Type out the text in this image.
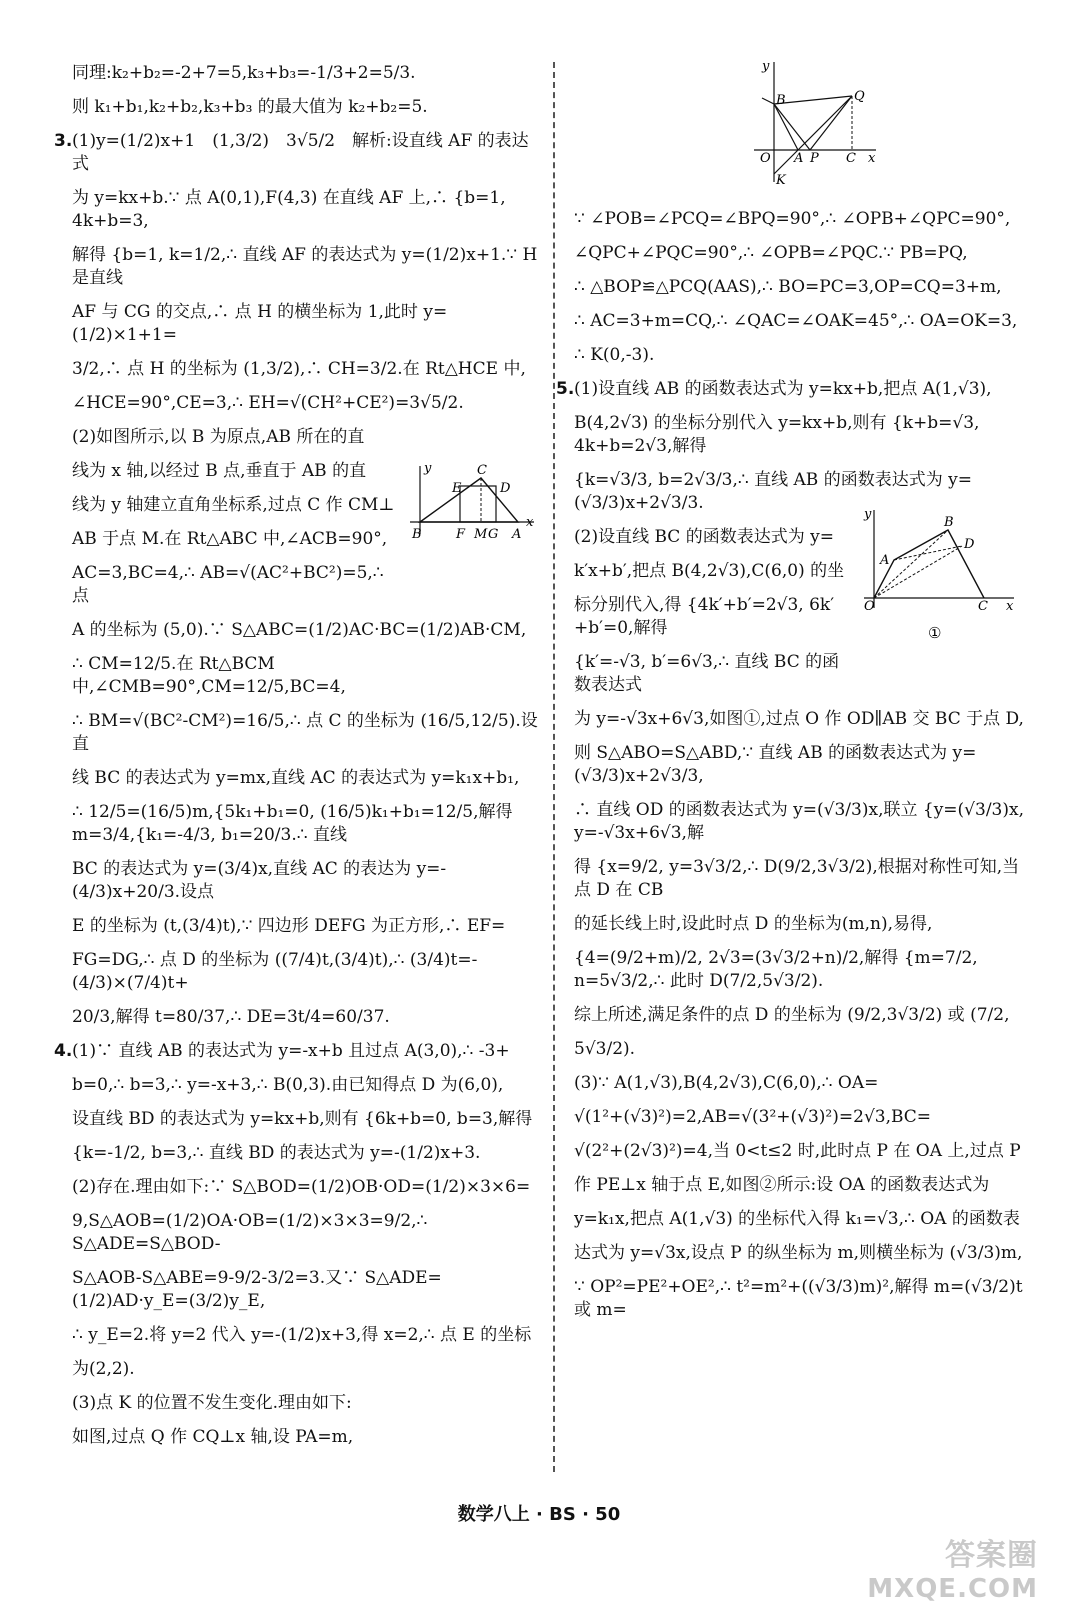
同理:k₂+b₂=-2+7=5,k₃+b₃=-1/3+2=5/3.
则 k₁+b₁,k₂+b₂,k₃+b₃ 的最大值为 k₂+b₂=5.
3. (1)y=(1/2)x+1　(1,3/2)　3√5/2　解析:设直线 AF 的表达式
为 y=kx+b.∵ 点 A(0,1),F(4,3) 在直线 AF 上,∴ {b=1, 4k+b=3,
解得 {b=1, k=1/2,∴ 直线 AF 的表达式为 y=(1/2)x+1.∵ H 是直线
AF 与 CG 的交点,∴ 点 H 的横坐标为 1,此时 y=(1/2)×1+1=
3/2,∴ 点 H 的坐标为 (1,3/2),∴ CH=3/2.在 Rt△HCE 中,
∠HCE=90°,CE=3,∴ EH=√(CH²+CE²)=3√5/2.
(2)如图所示,以 B 为原点,AB 所在的直
线为 x 轴,以经过 B 点,垂直于 AB 的直
线为 y 轴建立直角坐标系,过点 C 作 CM⊥
AB 于点 M.在 Rt△ABC 中,∠ACB=90°,
AC=3,BC=4,∴ AB=√(AC²+BC²)=5,∴ 点
A 的坐标为 (5,0).∵ S△ABC=(1/2)AC·BC=(1/2)AB·CM,
∴ CM=12/5.在 Rt△BCM 中,∠CMB=90°,CM=12/5,BC=4,
∴ BM=√(BC²-CM²)=16/5,∴ 点 C 的坐标为 (16/5,12/5).设直
线 BC 的表达式为 y=mx,直线 AC 的表达式为 y=k₁x+b₁,
∴ 12/5=(16/5)m,{5k₁+b₁=0, (16/5)k₁+b₁=12/5,解得 m=3/4,{k₁=-4/3, b₁=20/3.∴ 直线
BC 的表达式为 y=(3/4)x,直线 AC 的表达为 y=-(4/3)x+20/3.设点
E 的坐标为 (t,(3/4)t),∵ 四边形 DEFG 为正方形,∴ EF=
FG=DG,∴ 点 D 的坐标为 ((7/4)t,(3/4)t),∴ (3/4)t=-(4/3)×(7/4)t+
20/3,解得 t=80/37,∴ DE=3t/4=60/37.
4. (1)∵ 直线 AB 的表达式为 y=-x+b 且过点 A(3,0),∴ -3+
b=0,∴ b=3,∴ y=-x+3,∴ B(0,3).由已知得点 D 为(6,0),
设直线 BD 的表达式为 y=kx+b,则有 {6k+b=0, b=3,解得
{k=-1/2, b=3,∴ 直线 BD 的表达式为 y=-(1/2)x+3.
(2)存在.理由如下:∵ S△BOD=(1/2)OB·OD=(1/2)×3×6=
9,S△AOB=(1/2)OA·OB=(1/2)×3×3=9/2,∴ S△ADE=S△BOD-
S△AOB-S△ABE=9-9/2-3/2=3.又∵ S△ADE=(1/2)AD·y_E=(3/2)y_E,
∴ y_E=2.将 y=2 代入 y=-(1/2)x+3,得 x=2,∴ 点 E 的坐标
为(2,2).
(3)点 K 的位置不发生变化.理由如下:
如图,过点 Q 作 CQ⊥x 轴,设 PA=m,
∵ ∠POB=∠PCQ=∠BPQ=90°,∴ ∠OPB+∠QPC=90°,
∠QPC+∠PQC=90°,∴ ∠OPB=∠PQC.∵ PB=PQ,
∴ △BOP≌△PCQ(AAS),∴ BO=PC=3,OP=CQ=3+m,
∴ AC=3+m=CQ,∴ ∠QAC=∠OAK=45°,∴ OA=OK=3,
∴ K(0,-3).
5. (1)设直线 AB 的函数表达式为 y=kx+b,把点 A(1,√3),
B(4,2√3) 的坐标分别代入 y=kx+b,则有 {k+b=√3, 4k+b=2√3,解得
{k=√3/3, b=2√3/3,∴ 直线 AB 的函数表达式为 y=(√3/3)x+2√3/3.
(2)设直线 BC 的函数表达式为 y=
k′x+b′,把点 B(4,2√3),C(6,0) 的坐
标分别代入,得 {4k′+b′=2√3, 6k′+b′=0,解得
{k′=-√3, b′=6√3,∴ 直线 BC 的函数表达式
为 y=-√3x+6√3,如图①,过点 O 作 OD∥AB 交 BC 于点 D,
则 S△ABO=S△ABD,∵ 直线 AB 的函数表达式为 y=(√3/3)x+2√3/3,
∴ 直线 OD 的函数表达式为 y=(√3/3)x,联立 {y=(√3/3)x, y=-√3x+6√3,解
得 {x=9/2, y=3√3/2,∴ D(9/2,3√3/2),根据对称性可知,当点 D 在 CB
的延长线上时,设此时点 D 的坐标为(m,n),易得,
{4=(9/2+m)/2, 2√3=(3√3/2+n)/2,解得 {m=7/2, n=5√3/2,∴ 此时 D(7/2,5√3/2).
综上所述,满足条件的点 D 的坐标为 (9/2,3√3/2) 或 (7/2,
5√3/2).
(3)∵ A(1,√3),B(4,2√3),C(6,0),∴ OA=
√(1²+(√3)²)=2,AB=√(3²+(√3)²)=2√3,BC=
√(2²+(2√3)²)=4,当 0<t≤2 时,此时点 P 在 OA 上,过点 P
作 PE⊥x 轴于点 E,如图②所示:设 OA 的函数表达式为
y=k₁x,把点 A(1,√3) 的坐标代入得 k₁=√3,∴ OA 的函数表
达式为 y=√3x,设点 P 的纵坐标为 m,则横坐标为 (√3/3)m,
∵ OP²=PE²+OE²,∴ t²=m²+((√3/3)m)²,解得 m=(√3/2)t 或 m=
y	C
E	D
B	F M G A
x
y
B	Q
O A P C x
K
y
B
D
A
O	C x
①
数学八上 · BS · 50
答案圈
MXQE.COM
